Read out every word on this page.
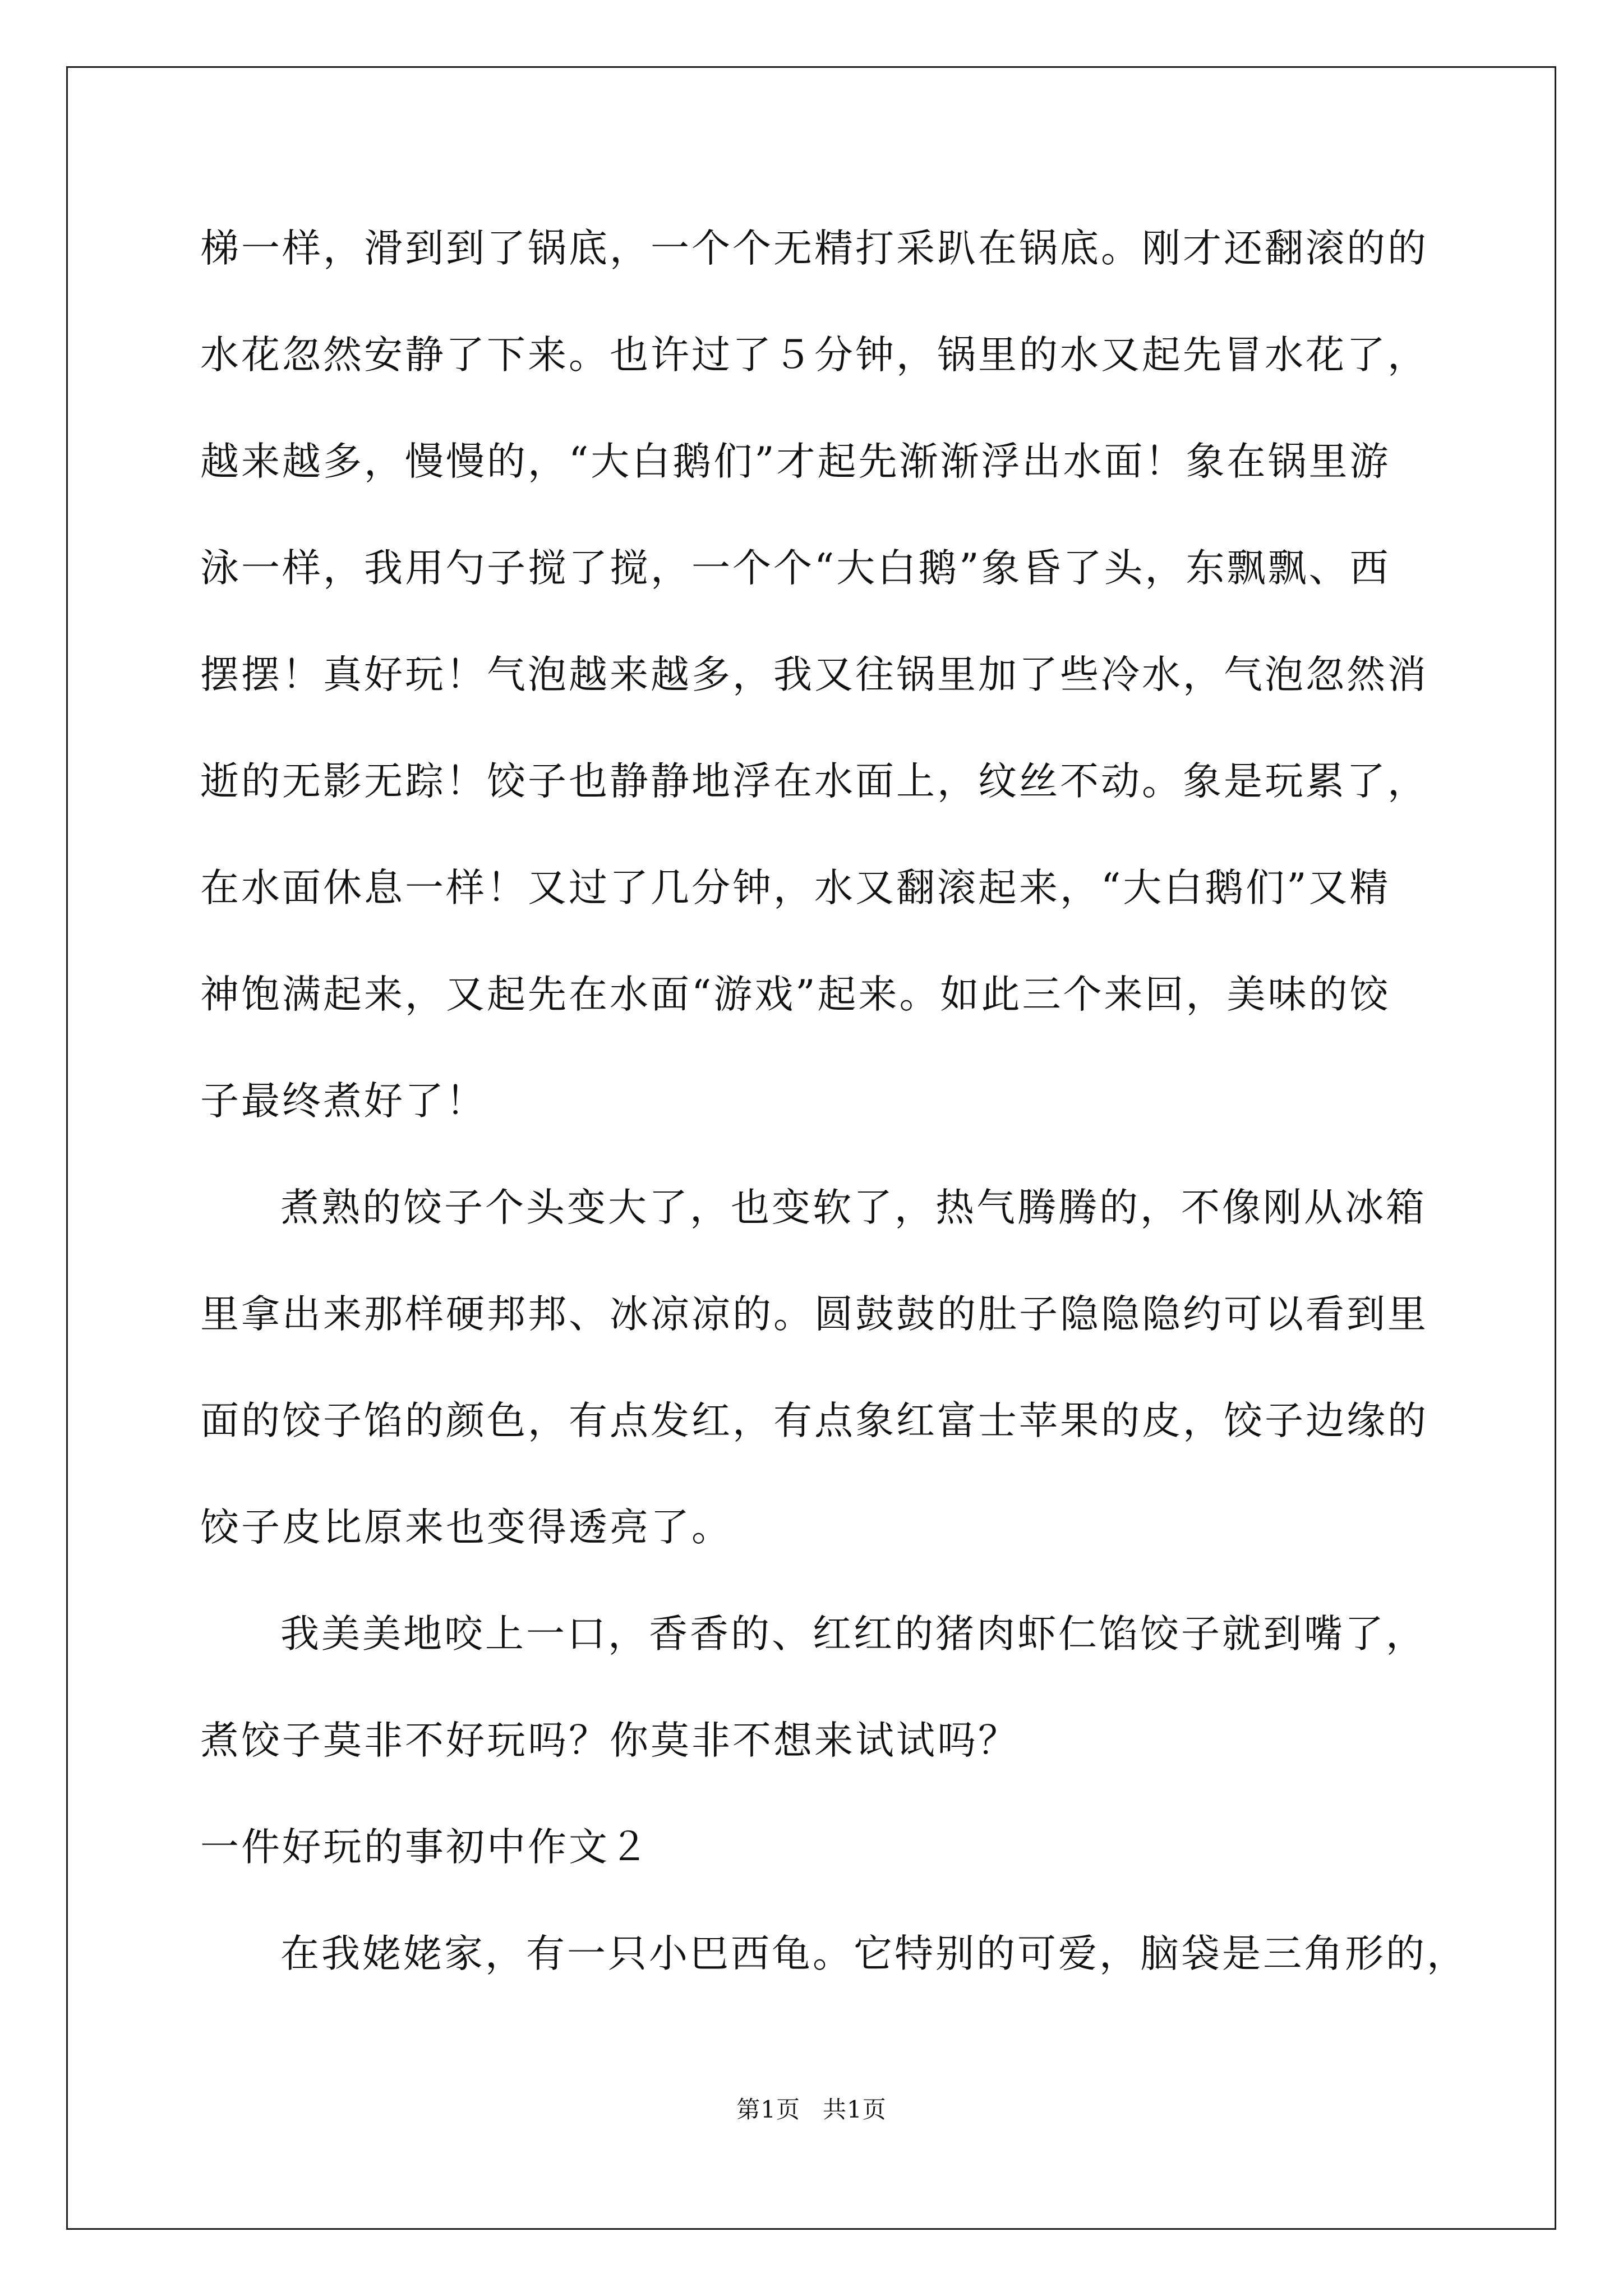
梯一样，滑到到了锅底，一个个无精打采趴在锅底。刚才还翻滚的的

水花忽然安静了下来。也许过了５分钟，锅里的水又起先冒水花了，

越来越多，慢慢的，“大白鹅们”才起先渐渐浮出水面！象在锅里游

泳一样，我用勺子搅了搅，一个个“大白鹅”象昏了头，东飘飘、西

摆摆！真好玩！气泡越来越多，我又往锅里加了些冷水，气泡忽然消

逝的无影无踪！饺子也静静地浮在水面上，纹丝不动。象是玩累了，

在水面休息一样！又过了几分钟，水又翻滚起来，“大白鹅们”又精

神饱满起来，又起先在水面“游戏”起来。如此三个来回，美味的饺

子最终煮好了！

煮熟的饺子个头变大了，也变软了，热气腾腾的，不像刚从冰箱

里拿出来那样硬邦邦、冰凉凉的。圆鼓鼓的肚子隐隐隐约可以看到里

面的饺子馅的颜色，有点发红，有点象红富士苹果的皮，饺子边缘的

饺子皮比原来也变得透亮了。

我美美地咬上一口，香香的、红红的猪肉虾仁馅饺子就到嘴了，

煮饺子莫非不好玩吗？你莫非不想来试试吗？

一件好玩的事初中作文２

在我姥姥家，有一只小巴西龟。它特别的可爱，脑袋是三角形的，

第1页 共1页
